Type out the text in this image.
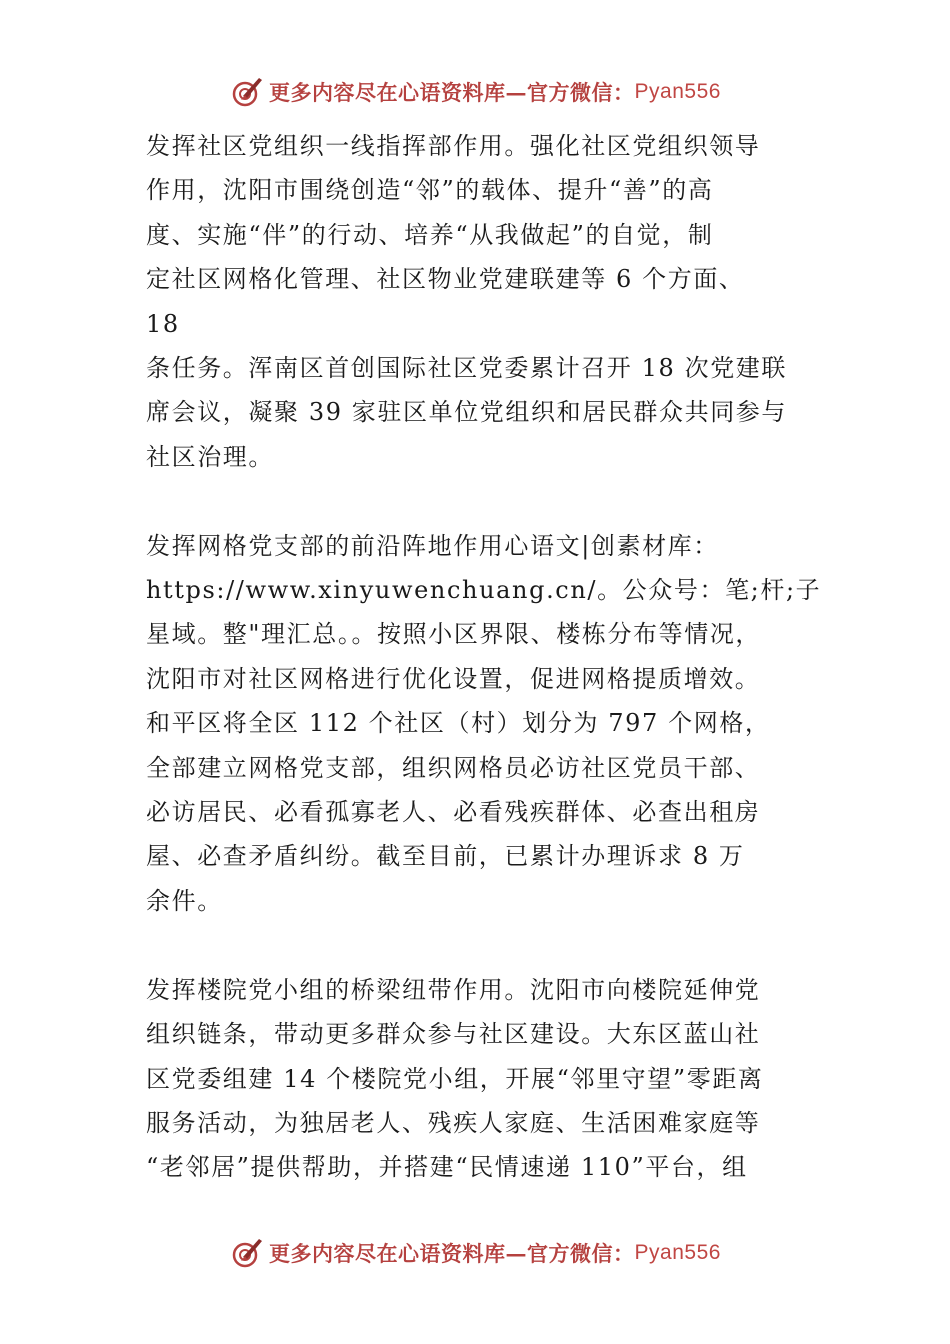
更多内容尽在心语资料库—官方微信： Pyan556

发挥社区党组织一线指挥部作用。强化社区党组织领导
作用，沈阳市围绕创造“邻”的载体、提升“善”的高
度、实施“伴”的行动、培养“从我做起”的自觉，制
定社区网格化管理、社区物业党建联建等 6 个方面、
18
条任务。浑南区首创国际社区党委累计召开 18 次党建联
席会议，凝聚 39 家驻区单位党组织和居民群众共同参与
社区治理。

发挥网格党支部的前沿阵地作用心语文|创素材库：
https://www.xinyuwenchuang.cn/。公众号：笔;杆;子
星域。整"理汇总。。按照小区界限、楼栋分布等情况，
沈阳市对社区网格进行优化设置，促进网格提质增效。
和平区将全区 112 个社区（村）划分为 797 个网格，
全部建立网格党支部，组织网格员必访社区党员干部、
必访居民、必看孤寡老人、必看残疾群体、必查出租房
屋、必查矛盾纠纷。截至目前，已累计办理诉求 8 万
余件。

发挥楼院党小组的桥梁纽带作用。沈阳市向楼院延伸党
组织链条，带动更多群众参与社区建设。大东区蓝山社
区党委组建 14 个楼院党小组，开展“邻里守望”零距离
服务活动，为独居老人、残疾人家庭、生活困难家庭等
“老邻居”提供帮助，并搭建“民情速递 110”平台，组

更多内容尽在心语资料库—官方微信： Pyan556
